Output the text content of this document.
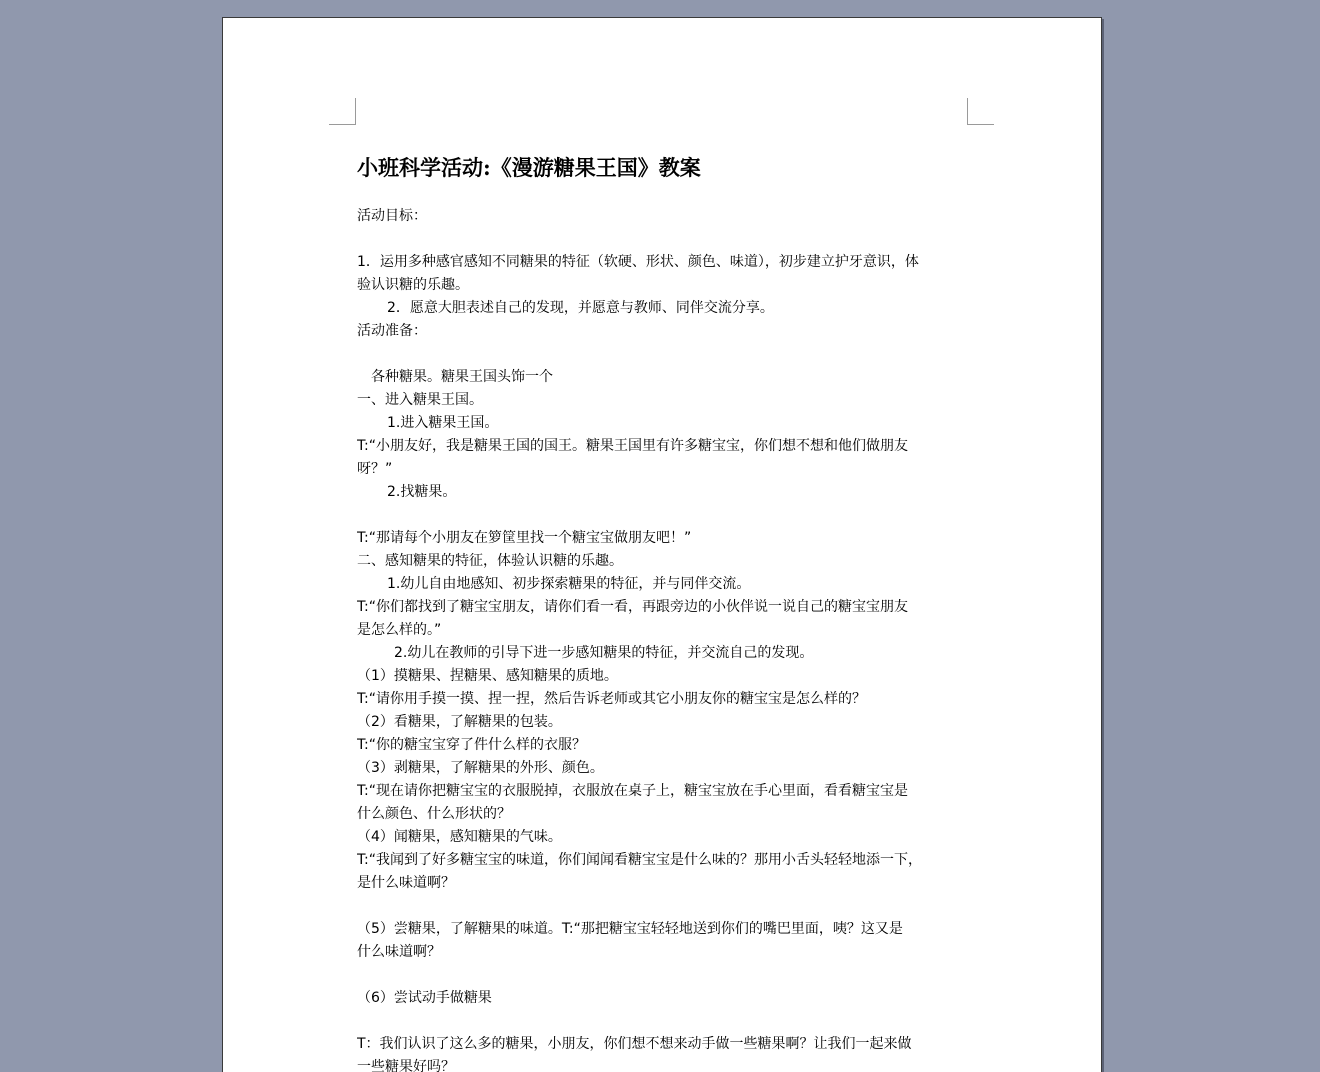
小班科学活动:《漫游糖果王国》教案
活动目标：
1．运用多种感官感知不同糖果的特征（软硬、形状、颜色、味道），初步建立护牙意识，体
验认识糖的乐趣。
2．愿意大胆表述自己的发现，并愿意与教师、同伴交流分享。
活动准备：
各种糖果。糖果王国头饰一个
一、进入糖果王国。
1.进入糖果王国。
T:“小朋友好，我是糖果王国的国王。糖果王国里有许多糖宝宝，你们想不想和他们做朋友
呀？”
2.找糖果。
T:“那请每个小朋友在箩筐里找一个糖宝宝做朋友吧！”
二、感知糖果的特征，体验认识糖的乐趣。
1.幼儿自由地感知、初步探索糖果的特征，并与同伴交流。
T:“你们都找到了糖宝宝朋友，请你们看一看，再跟旁边的小伙伴说一说自己的糖宝宝朋友
是怎么样的。”
2.幼儿在教师的引导下进一步感知糖果的特征，并交流自己的发现。
（1）摸糖果、捏糖果、感知糖果的质地。
T:“请你用手摸一摸、捏一捏，然后告诉老师或其它小朋友你的糖宝宝是怎么样的？
（2）看糖果，了解糖果的包装。
T:“你的糖宝宝穿了件什么样的衣服？
（3）剥糖果，了解糖果的外形、颜色。
T:“现在请你把糖宝宝的衣服脱掉，衣服放在桌子上，糖宝宝放在手心里面，看看糖宝宝是
什么颜色、什么形状的？
（4）闻糖果，感知糖果的气味。
T:“我闻到了好多糖宝宝的味道，你们闻闻看糖宝宝是什么味的？那用小舌头轻轻地添一下，
是什么味道啊？
（5）尝糖果，了解糖果的味道。T:“那把糖宝宝轻轻地送到你们的嘴巴里面，咦？这又是
什么味道啊？
（6）尝试动手做糖果
T：我们认识了这么多的糖果，小朋友，你们想不想来动手做一些糖果啊？让我们一起来做
一些糖果好吗？
